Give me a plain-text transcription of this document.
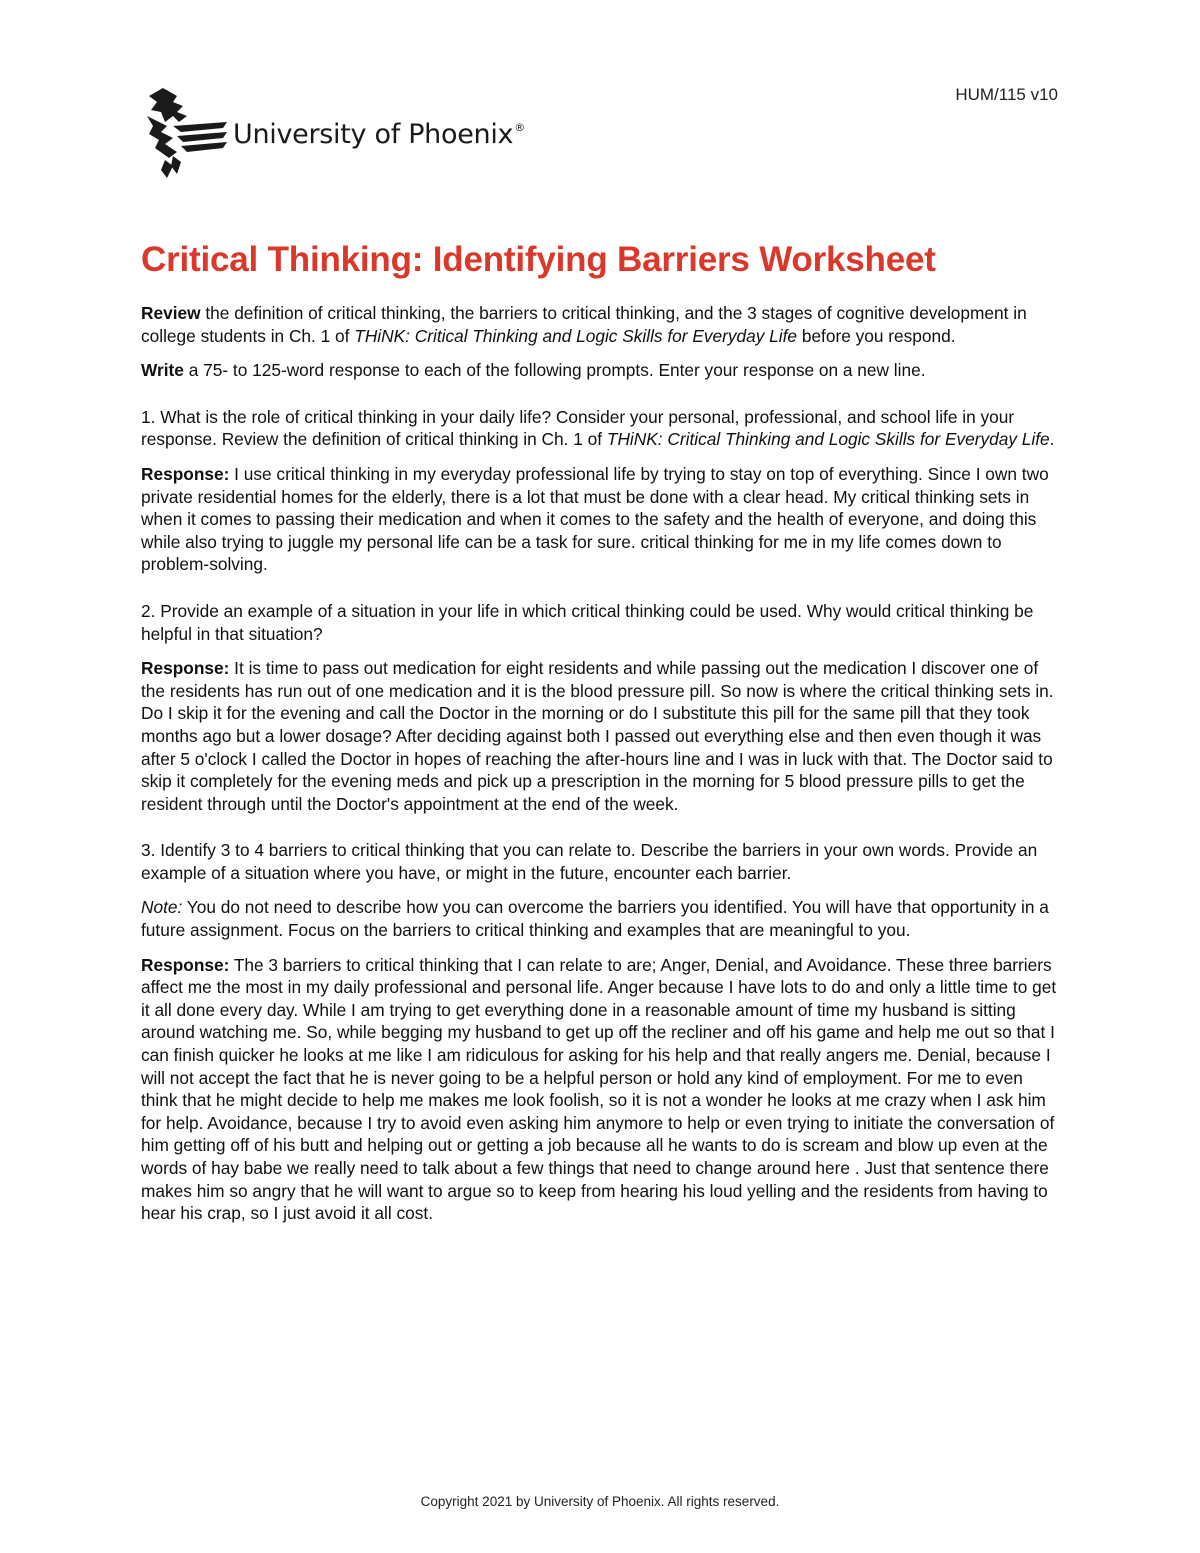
HUM/115 v10
University of Phoenix®
Critical Thinking: Identifying Barriers Worksheet

Review the definition of critical thinking, the barriers to critical thinking, and the 3 stages of cognitive development in college students in Ch. 1 of THiNK: Critical Thinking and Logic Skills for Everyday Life before you respond.

Write a 75- to 125-word response to each of the following prompts. Enter your response on a new line.

1. What is the role of critical thinking in your daily life? Consider your personal, professional, and school life in your response. Review the definition of critical thinking in Ch. 1 of THiNK: Critical Thinking and Logic Skills for Everyday Life.

Response: I use critical thinking in my everyday professional life by trying to stay on top of everything. Since I own two private residential homes for the elderly, there is a lot that must be done with a clear head. My critical thinking sets in when it comes to passing their medication and when it comes to the safety and the health of everyone, and doing this while also trying to juggle my personal life can be a task for sure. critical thinking for me in my life comes down to problem-solving.

2. Provide an example of a situation in your life in which critical thinking could be used. Why would critical thinking be helpful in that situation?

Response: It is time to pass out medication for eight residents and while passing out the medication I discover one of the residents has run out of one medication and it is the blood pressure pill. So now is where the critical thinking sets in. Do I skip it for the evening and call the Doctor in the morning or do I substitute this pill for the same pill that they took months ago but a lower dosage? After deciding against both I passed out everything else and then even though it was after 5 o'clock I called the Doctor in hopes of reaching the after-hours line and I was in luck with that. The Doctor said to skip it completely for the evening meds and pick up a prescription in the morning for 5 blood pressure pills to get the resident through until the Doctor's appointment at the end of the week.

3. Identify 3 to 4 barriers to critical thinking that you can relate to. Describe the barriers in your own words. Provide an example of a situation where you have, or might in the future, encounter each barrier.

Note: You do not need to describe how you can overcome the barriers you identified. You will have that opportunity in a future assignment. Focus on the barriers to critical thinking and examples that are meaningful to you.

Response: The 3 barriers to critical thinking that I can relate to are; Anger, Denial, and Avoidance. These three barriers affect me the most in my daily professional and personal life. Anger because I have lots to do and only a little time to get it all done every day. While I am trying to get everything done in a reasonable amount of time my husband is sitting around watching me. So, while begging my husband to get up off the recliner and off his game and help me out so that I can finish quicker he looks at me like I am ridiculous for asking for his help and that really angers me. Denial, because I will not accept the fact that he is never going to be a helpful person or hold any kind of employment. For me to even think that he might decide to help me makes me look foolish, so it is not a wonder he looks at me crazy when I ask him for help. Avoidance, because I try to avoid even asking him anymore to help or even trying to initiate the conversation of him getting off of his butt and helping out or getting a job because all he wants to do is scream and blow up even at the words of hay babe we really need to talk about a few things that need to change around here . Just that sentence there makes him so angry that he will want to argue so to keep from hearing his loud yelling and the residents from having to hear his crap, so I just avoid it all cost.

Copyright 2021 by University of Phoenix. All rights reserved.
